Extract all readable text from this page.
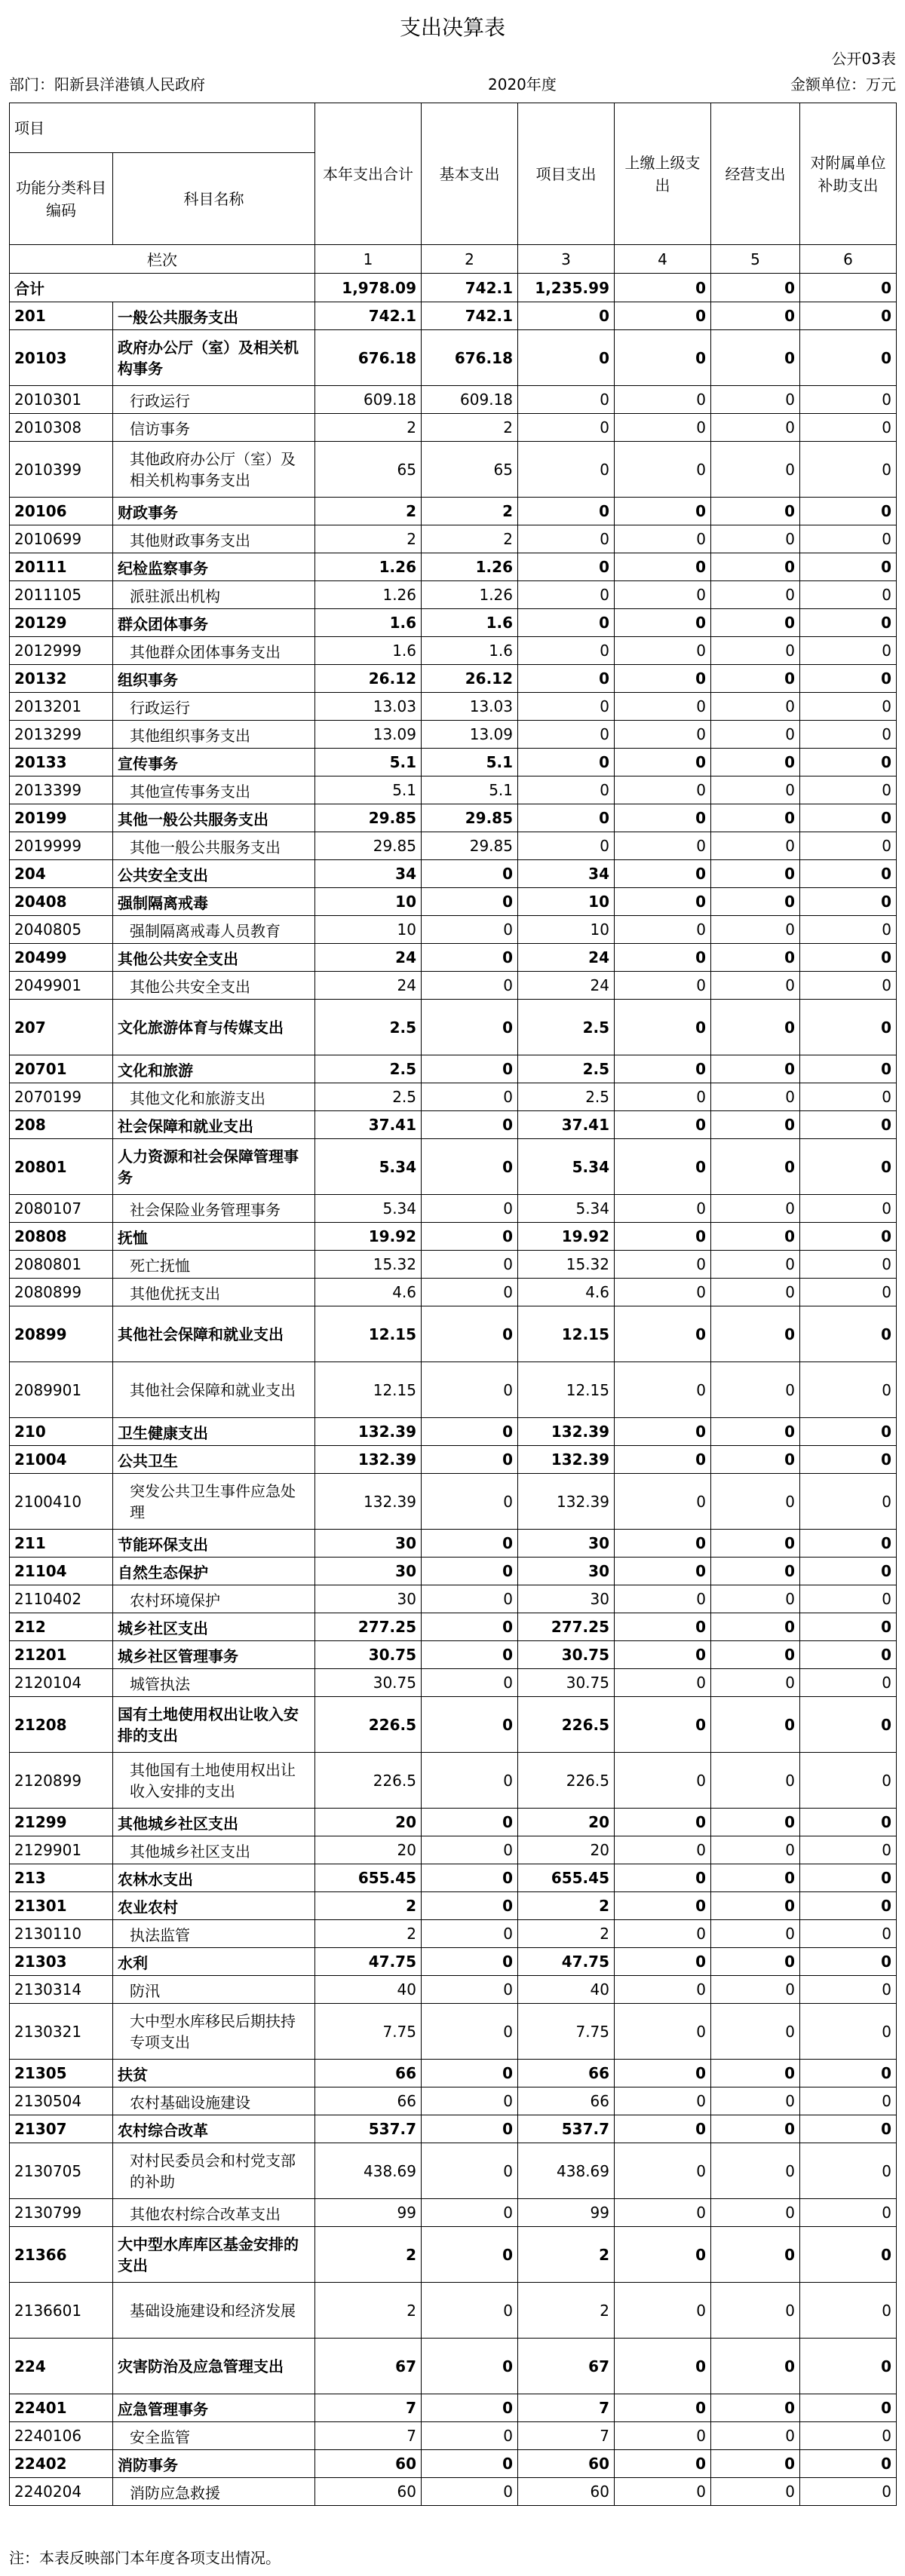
支出决算表
公开03表
部门：阳新县洋港镇人民政府	2020年度	金额单位：万元
项目		本年支出合计	基本支出	项目支出	上缴上级支出	经营支出	对附属单位补助支出
功能分类科目编码	科目名称						
栏次		1	2	3	4	5	6
合计		1,978.09	742.1	1,235.99	0	0	0
201	一般公共服务支出	742.1	742.1	0	0	0	0
20103	政府办公厅（室）及相关机构事务	676.18	676.18	0	0	0	0
2010301	行政运行	609.18	609.18	0	0	0	0
2010308	信访事务	2	2	0	0	0	0
2010399	其他政府办公厅（室）及相关机构事务支出	65	65	0	0	0	0
20106	财政事务	2	2	0	0	0	0
2010699	其他财政事务支出	2	2	0	0	0	0
20111	纪检监察事务	1.26	1.26	0	0	0	0
2011105	派驻派出机构	1.26	1.26	0	0	0	0
20129	群众团体事务	1.6	1.6	0	0	0	0
2012999	其他群众团体事务支出	1.6	1.6	0	0	0	0
20132	组织事务	26.12	26.12	0	0	0	0
2013201	行政运行	13.03	13.03	0	0	0	0
2013299	其他组织事务支出	13.09	13.09	0	0	0	0
20133	宣传事务	5.1	5.1	0	0	0	0
2013399	其他宣传事务支出	5.1	5.1	0	0	0	0
20199	其他一般公共服务支出	29.85	29.85	0	0	0	0
2019999	其他一般公共服务支出	29.85	29.85	0	0	0	0
204	公共安全支出	34	0	34	0	0	0
20408	强制隔离戒毒	10	0	10	0	0	0
2040805	强制隔离戒毒人员教育	10	0	10	0	0	0
20499	其他公共安全支出	24	0	24	0	0	0
2049901	其他公共安全支出	24	0	24	0	0	0
207	文化旅游体育与传媒支出	2.5	0	2.5	0	0	0
20701	文化和旅游	2.5	0	2.5	0	0	0
2070199	其他文化和旅游支出	2.5	0	2.5	0	0	0
208	社会保障和就业支出	37.41	0	37.41	0	0	0
20801	人力资源和社会保障管理事务	5.34	0	5.34	0	0	0
2080107	社会保险业务管理事务	5.34	0	5.34	0	0	0
20808	抚恤	19.92	0	19.92	0	0	0
2080801	死亡抚恤	15.32	0	15.32	0	0	0
2080899	其他优抚支出	4.6	0	4.6	0	0	0
20899	其他社会保障和就业支出	12.15	0	12.15	0	0	0
2089901	其他社会保障和就业支出	12.15	0	12.15	0	0	0
210	卫生健康支出	132.39	0	132.39	0	0	0
21004	公共卫生	132.39	0	132.39	0	0	0
2100410	突发公共卫生事件应急处理	132.39	0	132.39	0	0	0
211	节能环保支出	30	0	30	0	0	0
21104	自然生态保护	30	0	30	0	0	0
2110402	农村环境保护	30	0	30	0	0	0
212	城乡社区支出	277.25	0	277.25	0	0	0
21201	城乡社区管理事务	30.75	0	30.75	0	0	0
2120104	城管执法	30.75	0	30.75	0	0	0
21208	国有土地使用权出让收入安排的支出	226.5	0	226.5	0	0	0
2120899	其他国有土地使用权出让收入安排的支出	226.5	0	226.5	0	0	0
21299	其他城乡社区支出	20	0	20	0	0	0
2129901	其他城乡社区支出	20	0	20	0	0	0
213	农林水支出	655.45	0	655.45	0	0	0
21301	农业农村	2	0	2	0	0	0
2130110	执法监管	2	0	2	0	0	0
21303	水利	47.75	0	47.75	0	0	0
2130314	防汛	40	0	40	0	0	0
2130321	大中型水库移民后期扶持专项支出	7.75	0	7.75	0	0	0
21305	扶贫	66	0	66	0	0	0
2130504	农村基础设施建设	66	0	66	0	0	0
21307	农村综合改革	537.7	0	537.7	0	0	0
2130705	对村民委员会和村党支部的补助	438.69	0	438.69	0	0	0
2130799	其他农村综合改革支出	99	0	99	0	0	0
21366	大中型水库库区基金安排的支出	2	0	2	0	0	0
2136601	基础设施建设和经济发展	2	0	2	0	0	0
224	灾害防治及应急管理支出	67	0	67	0	0	0
22401	应急管理事务	7	0	7	0	0	0
2240106	安全监管	7	0	7	0	0	0
22402	消防事务	60	0	60	0	0	0
2240204	消防应急救援	60	0	60	0	0	0
注：本表反映部门本年度各项支出情况。
